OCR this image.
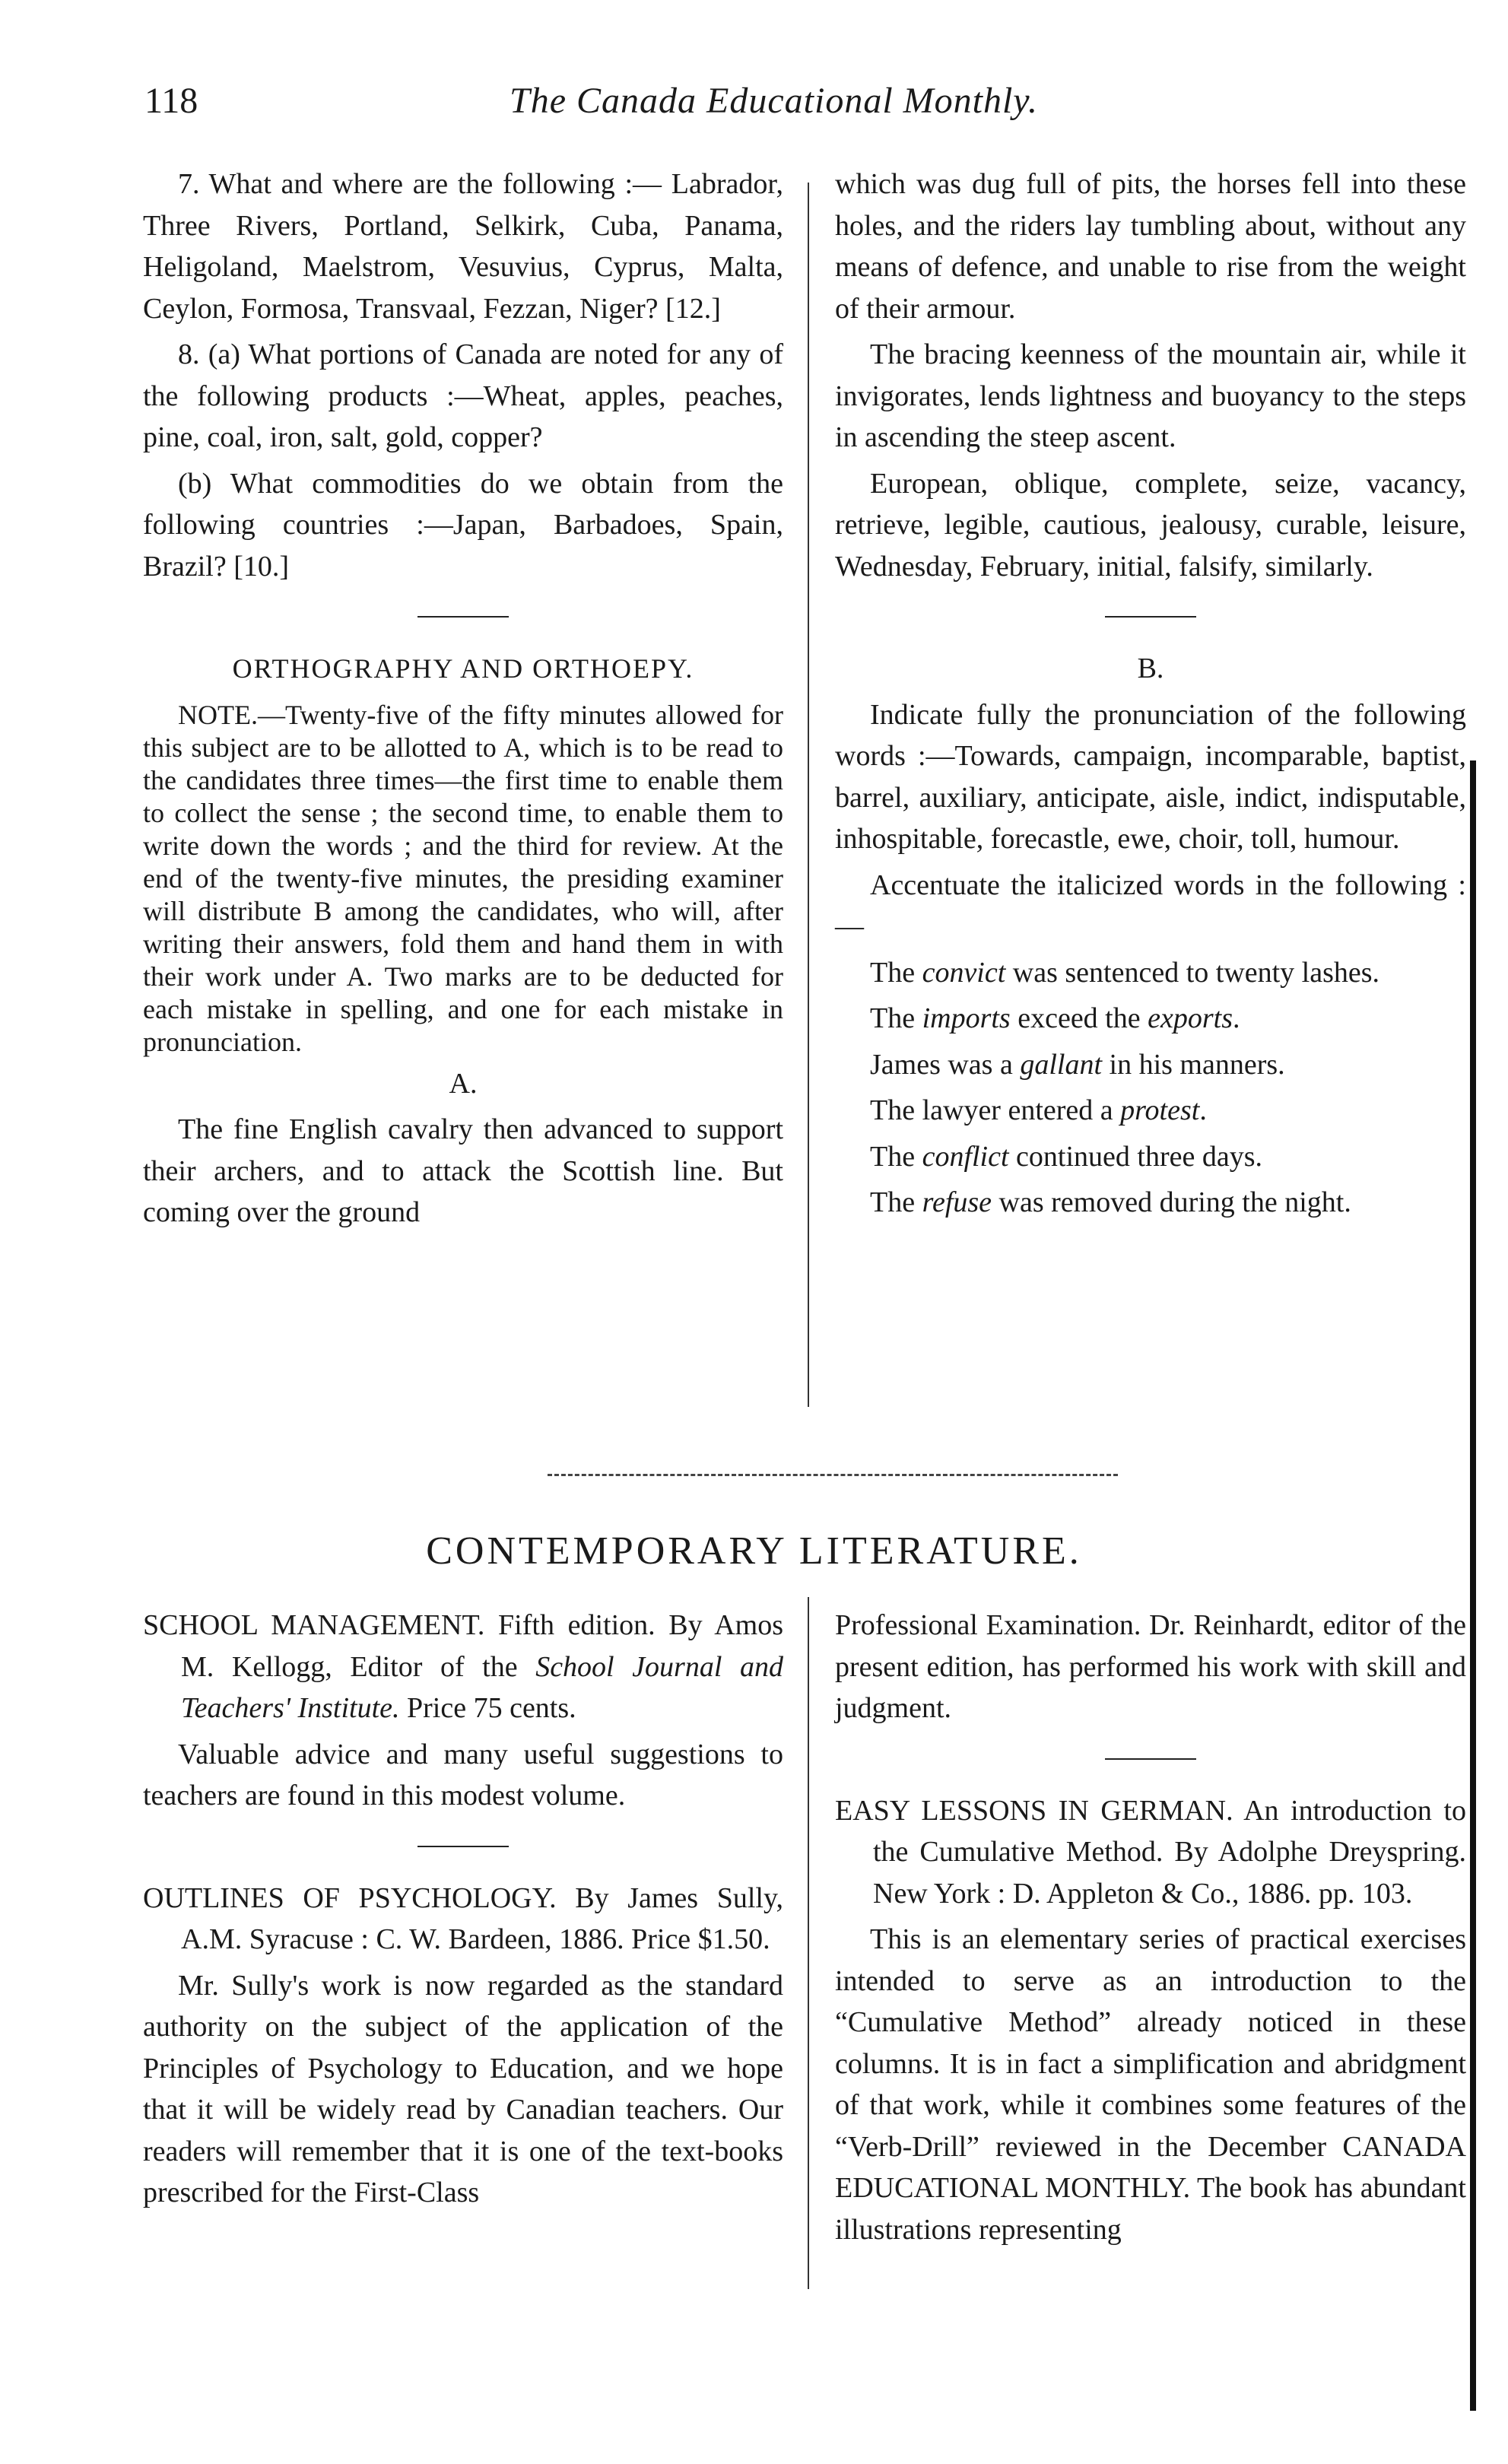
118	The Canada Educational Monthly.

7. What and where are the following :— Labrador, Three Rivers, Portland, Selkirk, Cuba, Panama, Heligoland, Maelstrom, Vesuvius, Cyprus, Malta, Ceylon, Formosa, Transvaal, Fezzan, Niger? [12.]

8. (a) What portions of Canada are noted for any of the following products :—Wheat, apples, peaches, pine, coal, iron, salt, gold, copper?

(b) What commodities do we obtain from the following countries :—Japan, Barbadoes, Spain, Brazil? [10.]

ORTHOGRAPHY AND ORTHOEPY.

NOTE.—Twenty-five of the fifty minutes allowed for this subject are to be allotted to A, which is to be read to the candidates three times—the first time to enable them to collect the sense ; the second time, to enable them to write down the words ; and the third for review. At the end of the twenty-five minutes, the presiding examiner will distribute B among the candidates, who will, after writing their answers, fold them and hand them in with their work under A. Two marks are to be deducted for each mistake in spelling, and one for each mistake in pronunciation.

A.

The fine English cavalry then advanced to support their archers, and to attack the Scottish line. But coming over the ground

which was dug full of pits, the horses fell into these holes, and the riders lay tumbling about, without any means of defence, and unable to rise from the weight of their armour.

The bracing keenness of the mountain air, while it invigorates, lends lightness and buoyancy to the steps in ascending the steep ascent.

European, oblique, complete, seize, vacancy, retrieve, legible, cautious, jealousy, curable, leisure, Wednesday, February, initial, falsify, similarly.

B.

Indicate fully the pronunciation of the following words :—Towards, campaign, incomparable, baptist, barrel, auxiliary, anticipate, aisle, indict, indisputable, inhospitable, forecastle, ewe, choir, toll, humour.

Accentuate the italicized words in the following :—

The convict was sentenced to twenty lashes.

The imports exceed the exports.

James was a gallant in his manners.

The lawyer entered a protest.

The conflict continued three days.

The refuse was removed during the night.

CONTEMPORARY LITERATURE.

SCHOOL MANAGEMENT. Fifth edition. By Amos M. Kellogg, Editor of the School Journal and Teachers' Institute. Price 75 cents.

Valuable advice and many useful suggestions to teachers are found in this modest volume.

OUTLINES OF PSYCHOLOGY. By James Sully, A.M. Syracuse : C. W. Bardeen, 1886. Price $1.50.

Mr. Sully's work is now regarded as the standard authority on the subject of the application of the Principles of Psychology to Education, and we hope that it will be widely read by Canadian teachers. Our readers will remember that it is one of the text-books prescribed for the First-Class

Professional Examination. Dr. Reinhardt, editor of the present edition, has performed his work with skill and judgment.

EASY LESSONS IN GERMAN. An introduction to the Cumulative Method. By Adolphe Dreyspring. New York : D. Appleton & Co., 1886. pp. 103.

This is an elementary series of practical exercises intended to serve as an introduction to the “Cumulative Method” already noticed in these columns. It is in fact a simplification and abridgment of that work, while it combines some features of the “Verb-Drill” reviewed in the December CANADA EDUCATIONAL MONTHLY. The book has abundant illustrations representing
